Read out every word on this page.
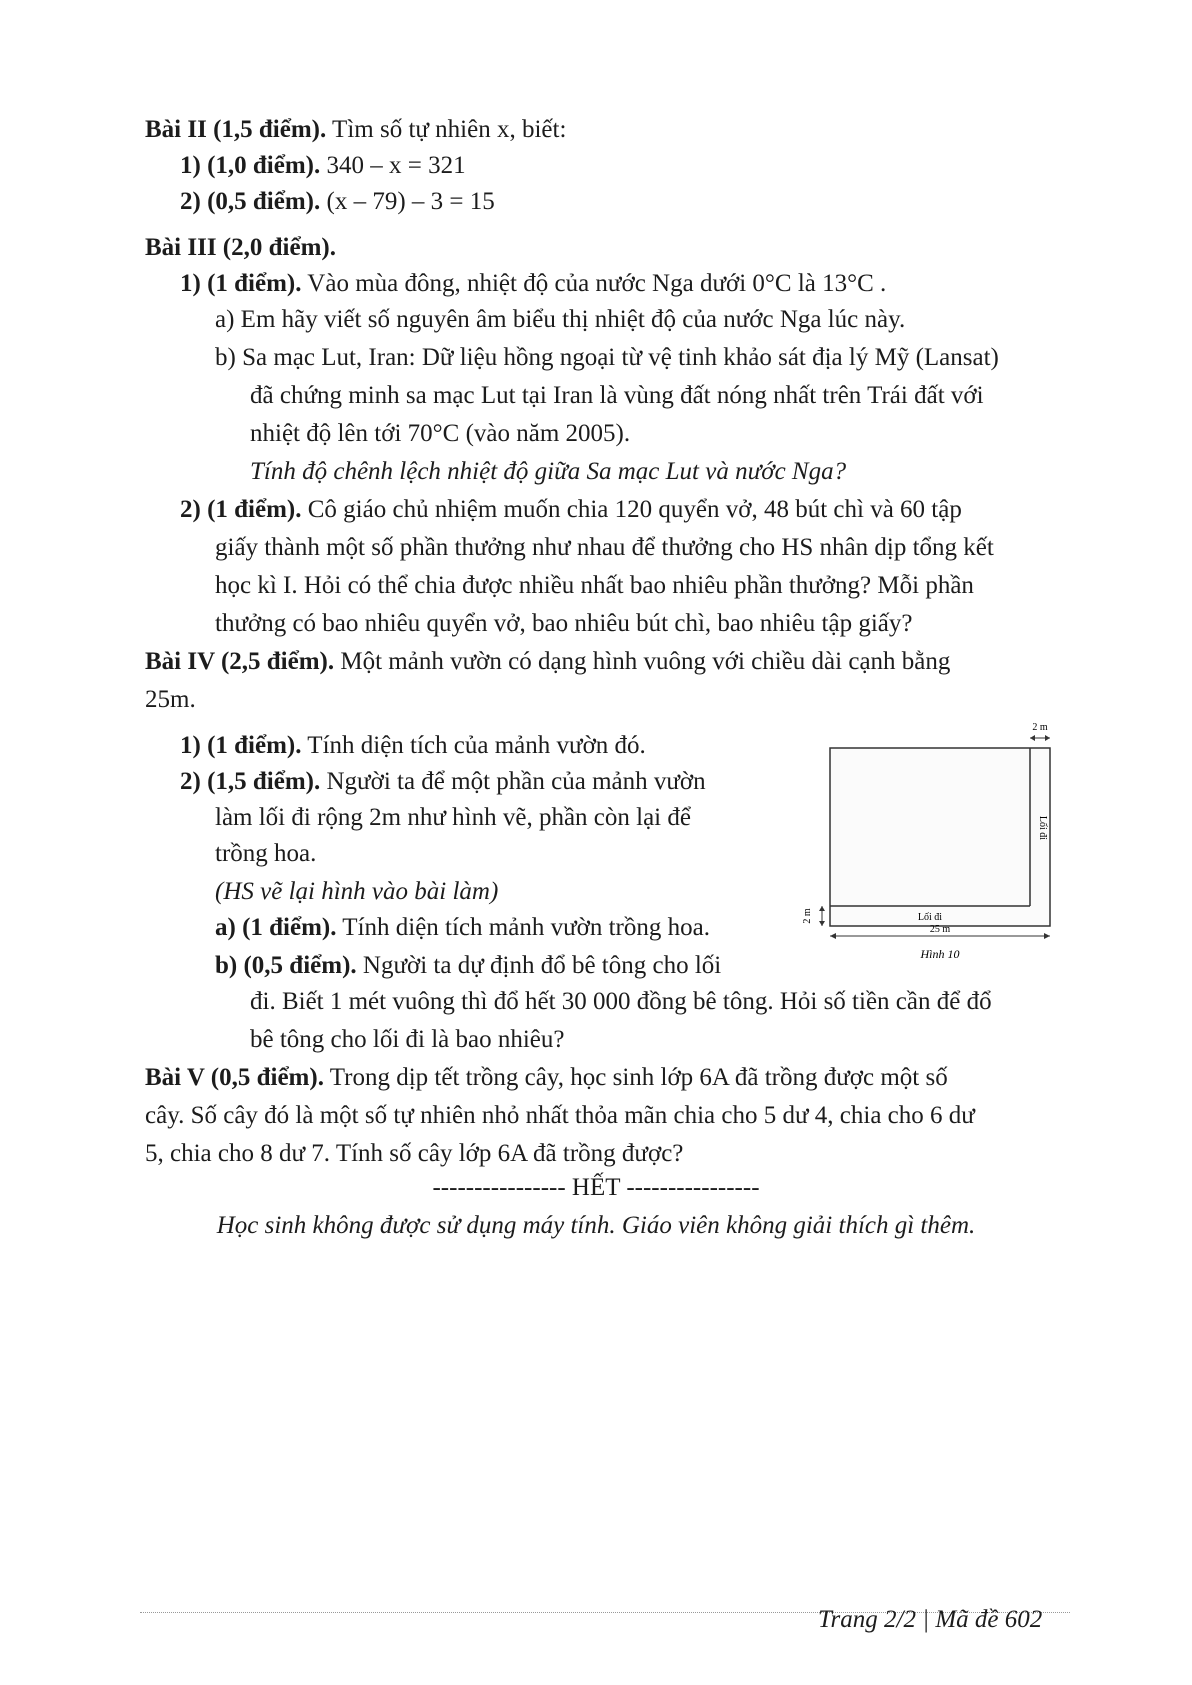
Bài II (1,5 điểm). Tìm số tự nhiên x, biết:
1) (1,0 điểm). 340 – x = 321
2) (0,5 điểm). (x – 79) – 3 = 15
Bài III (2,0 điểm).
1) (1 điểm). Vào mùa đông, nhiệt độ của nước Nga dưới 0°C là 13°C .
a) Em hãy viết số nguyên âm biểu thị nhiệt độ của nước Nga lúc này.
b) Sa mạc Lut, Iran: Dữ liệu hồng ngoại từ vệ tinh khảo sát địa lý Mỹ (Lansat)
đã chứng minh sa mạc Lut tại Iran là vùng đất nóng nhất trên Trái đất với
nhiệt độ lên tới 70°C (vào năm 2005).
Tính độ chênh lệch nhiệt độ giữa Sa mạc Lut và nước Nga?
2) (1 điểm). Cô giáo chủ nhiệm muốn chia 120 quyển vở, 48 bút chì và 60 tập
giấy thành một số phần thưởng như nhau để thưởng cho HS nhân dịp tổng kết
học kì I. Hỏi có thể chia được nhiều nhất bao nhiêu phần thưởng? Mỗi phần
thưởng có bao nhiêu quyển vở, bao nhiêu bút chì, bao nhiêu tập giấy?
Bài IV (2,5 điểm). Một mảnh vườn có dạng hình vuông với chiều dài cạnh bằng
25m.
1) (1 điểm). Tính diện tích của mảnh vườn đó.
2) (1,5 điểm). Người ta để một phần của mảnh vườn
làm lối đi rộng 2m như hình vẽ, phần còn lại để
trồng hoa.
(HS vẽ lại hình vào bài làm)
a) (1 điểm). Tính diện tích mảnh vườn trồng hoa.
b) (0,5 điểm). Người ta dự định đổ bê tông cho lối
đi. Biết 1 mét vuông thì đổ hết 30 000 đồng bê tông. Hỏi số tiền cần để đổ
bê tông cho lối đi là bao nhiêu?
2 m
Lối đi
Lối đi
2 m
25 m
Hình 10
Bài V (0,5 điểm). Trong dịp tết trồng cây, học sinh lớp 6A đã trồng được một số
cây. Số cây đó là một số tự nhiên nhỏ nhất thỏa mãn chia cho 5 dư 4, chia cho 6 dư
5, chia cho 8 dư 7. Tính số cây lớp 6A đã trồng được?
---------------- HẾT ----------------
Học sinh không được sử dụng máy tính. Giáo viên không giải thích gì thêm.
Trang 2/2 | Mã đề 602
